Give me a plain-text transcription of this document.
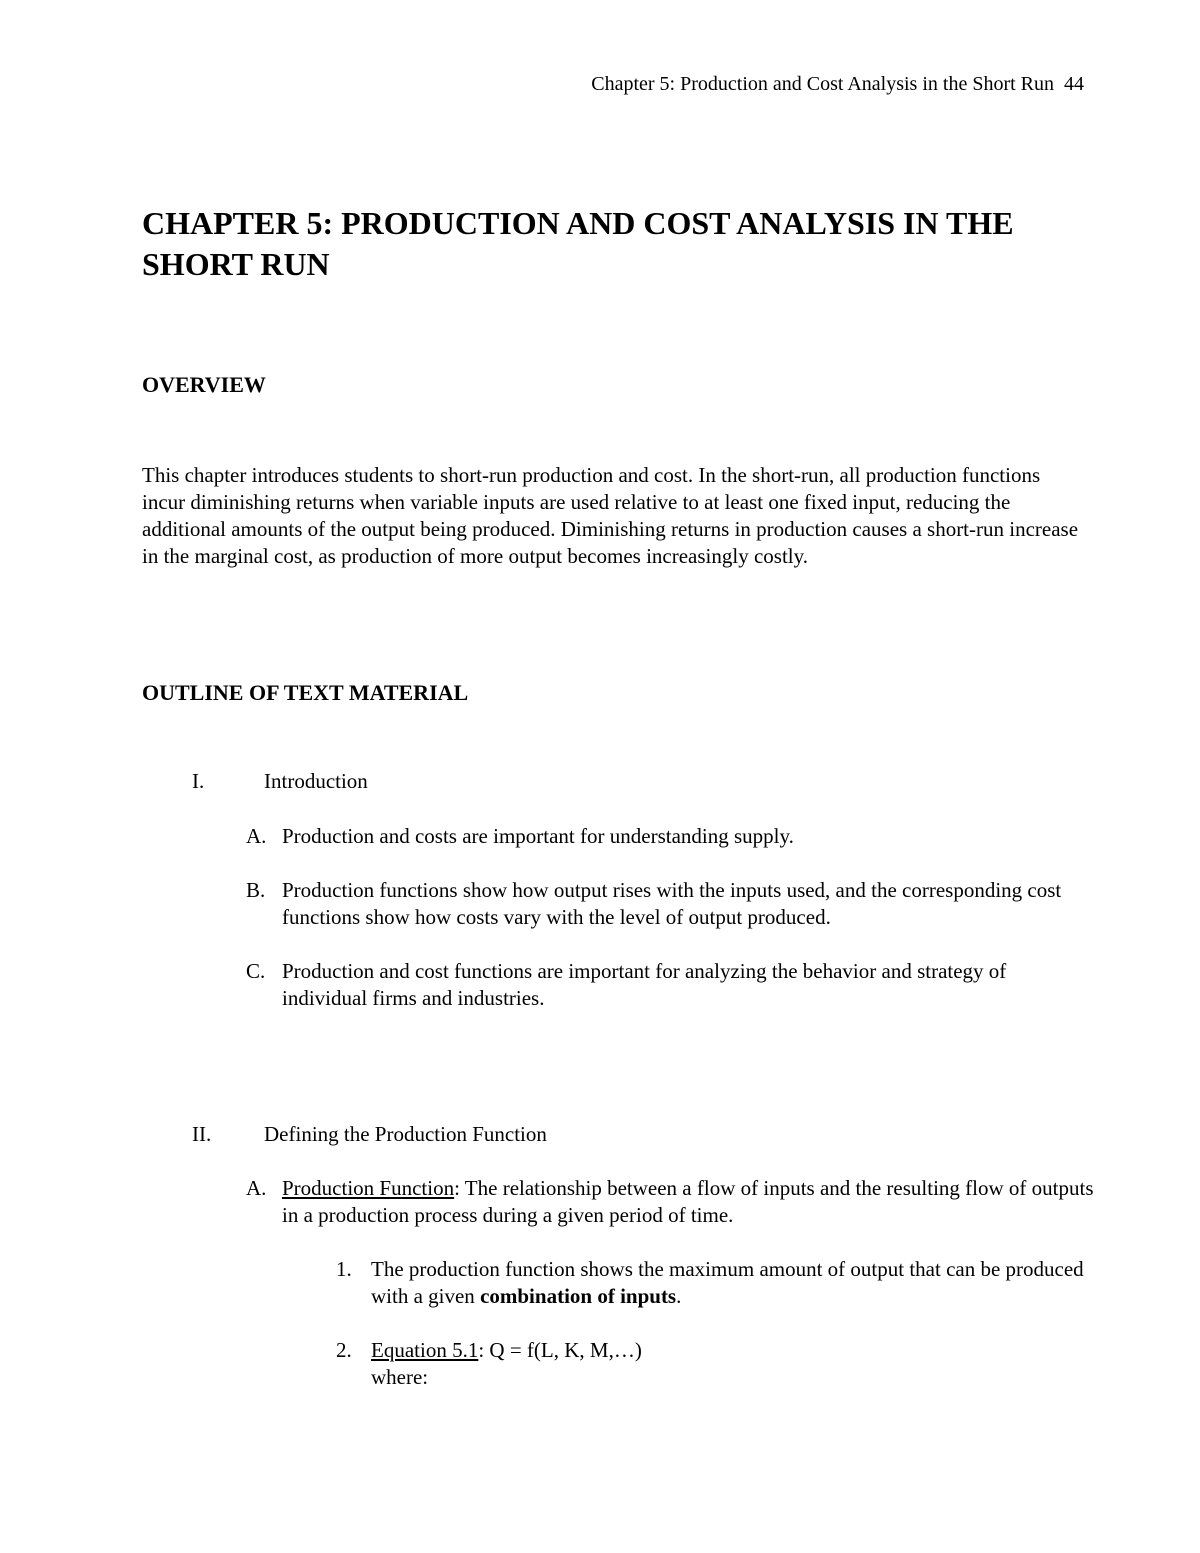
Chapter 5: Production and Cost Analysis in the Short Run 44
CHAPTER 5: PRODUCTION AND COST ANALYSIS IN THE SHORT RUN
OVERVIEW

This chapter introduces students to short-run production and cost. In the short-run, all production functions incur diminishing returns when variable inputs are used relative to at least one fixed input, reducing the additional amounts of the output being produced. Diminishing returns in production causes a short-run increase in the marginal cost, as production of more output becomes increasingly costly.

OUTLINE OF TEXT MATERIAL
I.	Introduction
A. Production and costs are important for understanding supply.
B. Production functions show how output rises with the inputs used, and the corresponding cost functions show how costs vary with the level of output produced.
C. Production and cost functions are important for analyzing the behavior and strategy of individual firms and industries.
II.	Defining the Production Function
A. Production Function: The relationship between a flow of inputs and the resulting flow of outputs in a production process during a given period of time.
1. The production function shows the maximum amount of output that can be produced with a given combination of inputs.
2. Equation 5.1: Q = f(L, K, M,…)
where:
